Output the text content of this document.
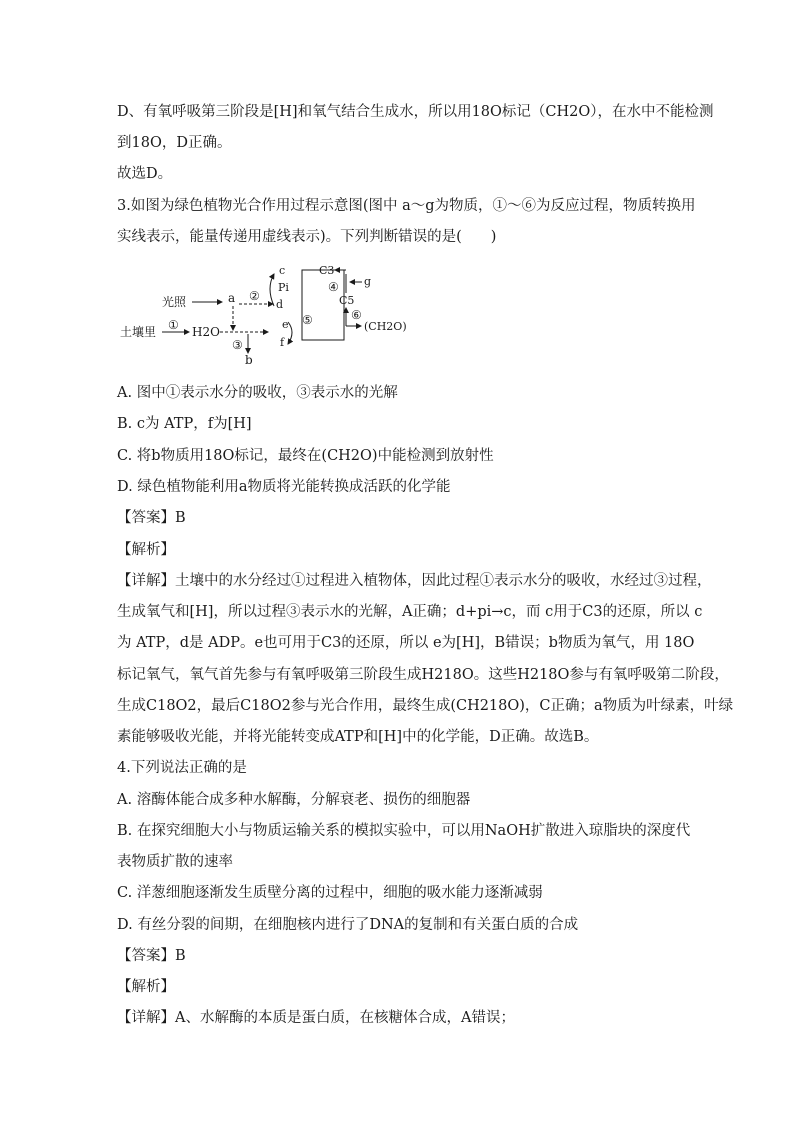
D、有氧呼吸第三阶段是[H]和氧气结合生成水，所以用18O标记（CH2O），在水中不能检测
到18O，D正确。
故选D。
3.如图为绿色植物光合作用过程示意图(图中 a～g为物质，①～⑥为反应过程，物质转换用
实线表示，能量传递用虚线表示)。下列判断错误的是(　　)
A. 图中①表示水分的吸收，③表示水的光解
B. c为 ATP，f为[H]
C. 将b物质用18O标记，最终在(CH2O)中能检测到放射性
D. 绿色植物能利用a物质将光能转换成活跃的化学能
【答案】B
【解析】
【详解】土壤中的水分经过①过程进入植物体，因此过程①表示水分的吸收，水经过③过程，
生成氧气和[H]，所以过程③表示水的光解，A正确；d+pi→c，而 c用于C3的还原，所以 c
为 ATP，d是 ADP。e也可用于C3的还原，所以 e为[H]，B错误；b物质为氧气，用 18O
标记氧气，氧气首先参与有氧呼吸第三阶段生成H218O。这些H218O参与有氧呼吸第二阶段，
生成C18O2，最后C18O2参与光合作用，最终生成(CH218O)，C正确；a物质为叶绿素，叶绿
素能够吸收光能，并将光能转变成ATP和[H]中的化学能，D正确。故选B。
4.下列说法正确的是
A. 溶酶体能合成多种水解酶，分解衰老、损伤的细胞器
B. 在探究细胞大小与物质运输关系的模拟实验中，可以用NaOH扩散进入琼脂块的深度代
表物质扩散的速率
C. 洋葱细胞逐渐发生质壁分离的过程中，细胞的吸水能力逐渐减弱
D. 有丝分裂的间期，在细胞核内进行了DNA的复制和有关蛋白质的合成
【答案】B
【解析】
【详解】A、水解酶的本质是蛋白质，在核糖体合成，A错误；
光照
土壤里	H2O
a
b
c
Pi
d
e
f
g
C3
C5
(CH2O)
①
②
③
④
⑤	⑥
